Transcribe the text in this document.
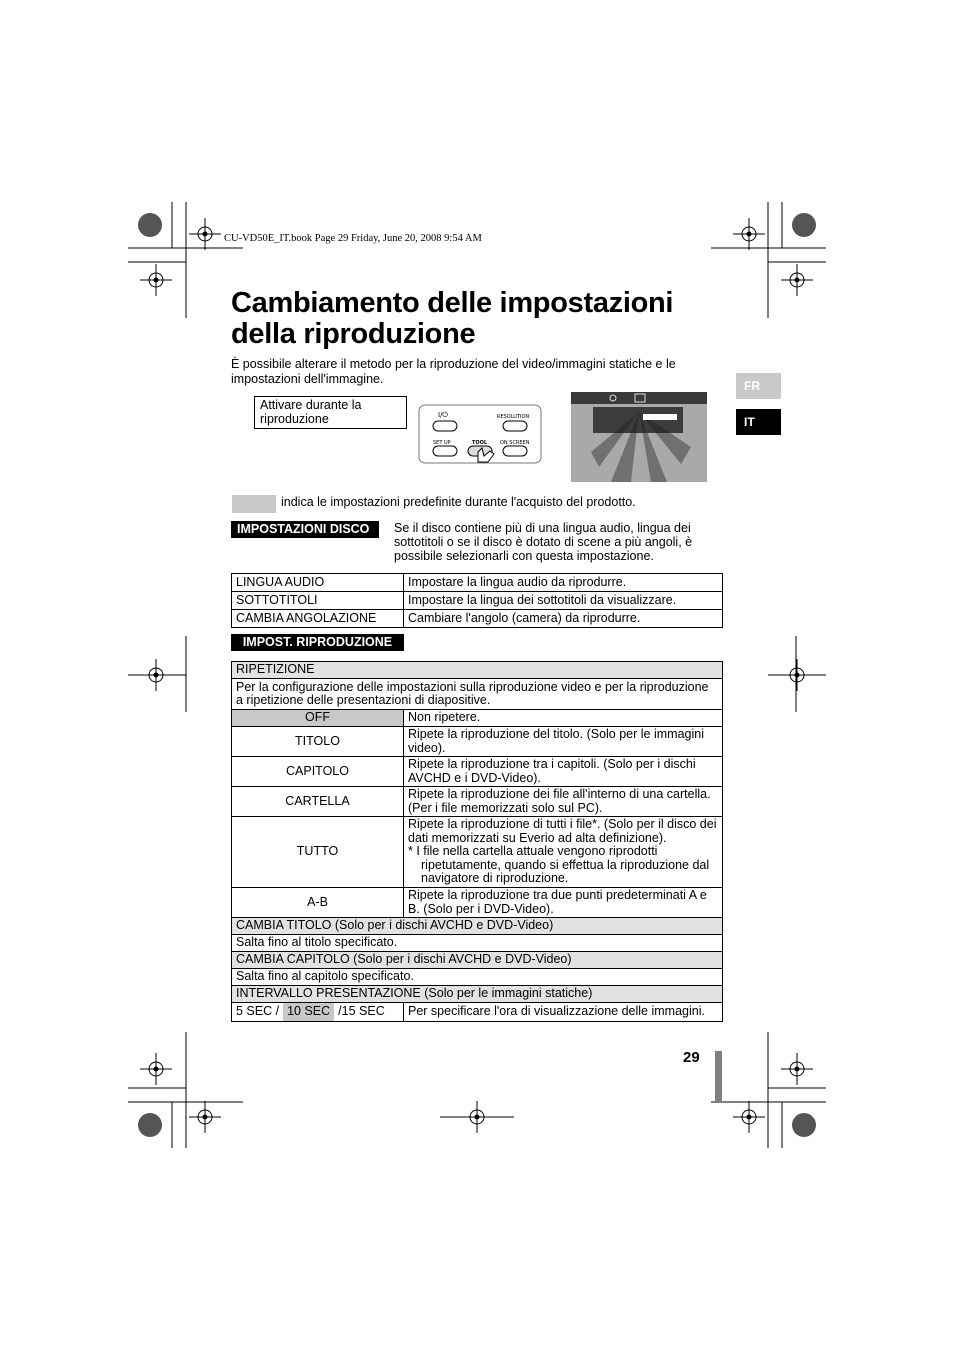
CU-VD50E_IT.book Page 29 Friday, June 20, 2008 9:54 AM
Cambiamento delle impostazioni
della riproduzione

È possibile alterare il metodo per la riproduzione del video/immagini statiche e le impostazioni dell'immagine.

Attivare durante la
riproduzione	I/⏻	RESOLUTION
SET UP	TOOL	ON SCREEN
FR
IT
indica le impostazioni predefinite durante l'acquisto del prodotto.
IMPOSTAZIONI DISCO	Se il disco contiene più di una lingua audio, lingua dei sottotitoli o se il disco è dotato di scene a più angoli, è possibile selezionarli con questa impostazione.
LINGUA AUDIO	Impostare la lingua audio da riprodurre.
SOTTOTITOLI	Impostare la lingua dei sottotitoli da visualizzare.
CAMBIA ANGOLAZIONE	Cambiare l'angolo (camera) da riprodurre.
IMPOST. RIPRODUZIONE
RIPETIZIONE	
Per la configurazione delle impostazioni sulla riproduzione video e per la riproduzione a ripetizione delle presentazioni di diapositive.	
OFF	Non ripetere.
TITOLO	Ripete la riproduzione del titolo. (Solo per le immagini video).
CAPITOLO	Ripete la riproduzione tra i capitoli. (Solo per i dischi AVCHD e i DVD-Video).
CARTELLA	Ripete la riproduzione dei file all'interno di una cartella. (Per i file memorizzati solo sul PC).
TUTTO	Ripete la riproduzione di tutti i file*. (Solo per il disco dei dati memorizzati su Everio ad alta definizione).
* I file nella cartella attuale vengono riprodotti
ripetutamente, quando si effettua la riproduzione dal navigatore di riproduzione.

A-B	Ripete la riproduzione tra due punti predeterminati A e B. (Solo per i DVD-Video).
CAMBIA TITOLO (Solo per i dischi AVCHD e DVD-Video)	
Salta fino al titolo specificato.	
CAMBIA CAPITOLO (Solo per i dischi AVCHD e DVD-Video)	
Salta fino al capitolo specificato.	
INTERVALLO PRESENTAZIONE (Solo per le immagini statiche)	

5 SEC / 10 SEC /15 SEC	Per specificare l'ora di visualizzazione delle immagini.
29
